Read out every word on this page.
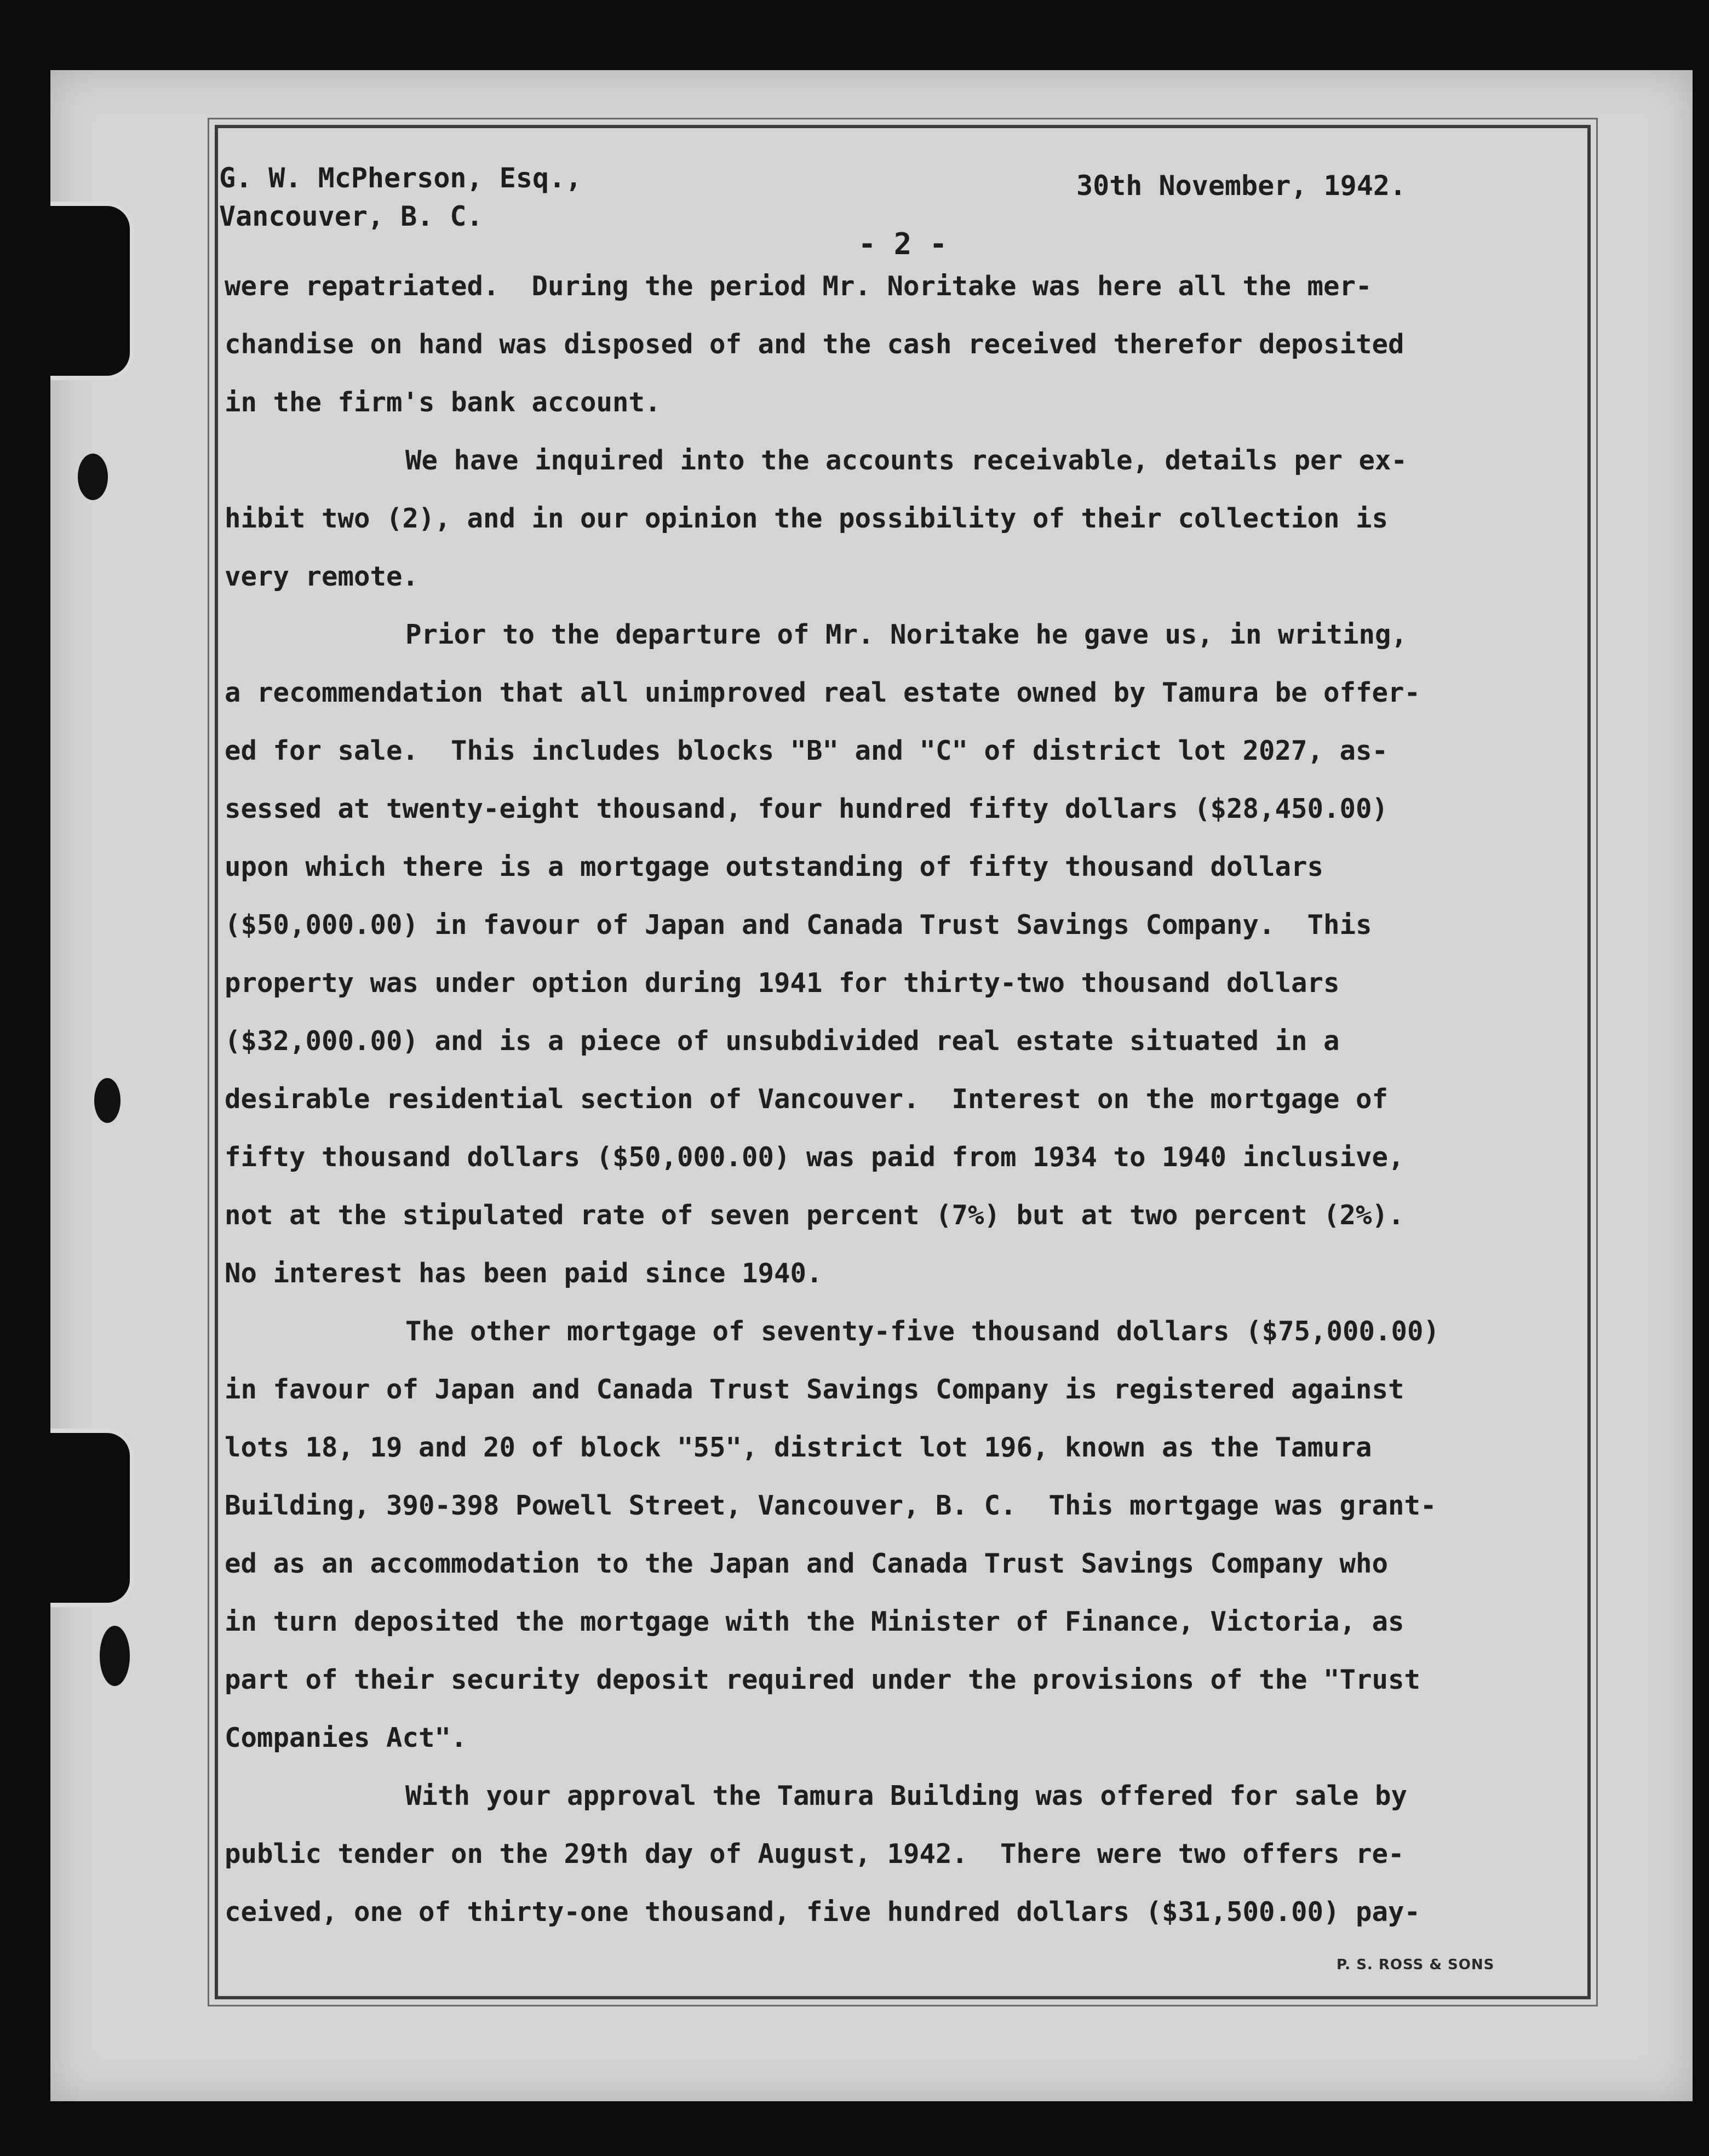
- 2 -
G. W. McPherson, Esq.,
Vancouver, B. C.
30th November, 1942.
were repatriated.  During the period Mr. Noritake was here all the mer-
chandise on hand was disposed of and the cash received therefor deposited
in the firm's bank account.
We have inquired into the accounts receivable, details per ex-
hibit two (2), and in our opinion the possibility of their collection is
very remote.
Prior to the departure of Mr. Noritake he gave us, in writing,
a recommendation that all unimproved real estate owned by Tamura be offer-
ed for sale.  This includes blocks "B" and "C" of district lot 2027, as-
sessed at twenty-eight thousand, four hundred fifty dollars ($28,450.00)
upon which there is a mortgage outstanding of fifty thousand dollars
($50,000.00) in favour of Japan and Canada Trust Savings Company.  This
property was under option during 1941 for thirty-two thousand dollars
($32,000.00) and is a piece of unsubdivided real estate situated in a
desirable residential section of Vancouver.  Interest on the mortgage of
fifty thousand dollars ($50,000.00) was paid from 1934 to 1940 inclusive,
not at the stipulated rate of seven percent (7%) but at two percent (2%).
No interest has been paid since 1940.
The other mortgage of seventy-five thousand dollars ($75,000.00)
in favour of Japan and Canada Trust Savings Company is registered against
lots 18, 19 and 20 of block "55", district lot 196, known as the Tamura
Building, 390-398 Powell Street, Vancouver, B. C.  This mortgage was grant-
ed as an accommodation to the Japan and Canada Trust Savings Company who
in turn deposited the mortgage with the Minister of Finance, Victoria, as
part of their security deposit required under the provisions of the "Trust
Companies Act".
With your approval the Tamura Building was offered for sale by
public tender on the 29th day of August, 1942.  There were two offers re-
ceived, one of thirty-one thousand, five hundred dollars ($31,500.00) pay-
P. S. ROSS & SONS
